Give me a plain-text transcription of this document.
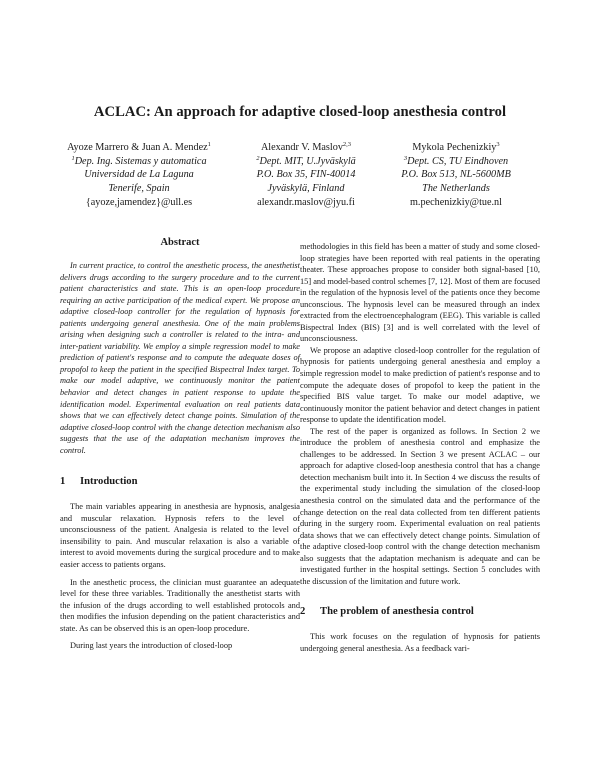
ACLAC: An approach for adaptive closed-loop anesthesia control
Ayoze Marrero & Juan A. Mendez$^1$
$^1$Dep. Ing. Sistemas y automatica
Universidad de La Laguna
Tenerife, Spain
{ayoze,jamendez}@ull.es
Alexandr V. Maslov$^{2,3}$
$^2$Dept. MIT, U.Jyväskylä
P.O. Box 35, FIN-40014
Jyväskylä, Finland
alexandr.maslov@jyu.fi
Mykola Pechenizkiy$^3$
$^3$Dept. CS, TU Eindhoven
P.O. Box 513, NL-5600MB
The Netherlands
m.pechenizkiy@tue.nl
Abstract

In current practice, to control the anesthetic process, the anesthetist delivers drugs according to the surgery procedure and to the current patient characteristics and state. This is an open-loop procedure requiring an active participation of the medical expert. We propose an adaptive closed-loop controller for the regulation of hypnosis for patients undergoing general anesthesia. One of the main problems arising when designing such a controller is related to the intra- and inter-patient variability. We employ a simple regression model to make prediction of patient's response and to compute the adequate doses of propofol to keep the patient in the specified Bispectral Index target. To make our model adaptive, we continuously monitor the patient behavior and detect changes in patient response to update the identification model. Experimental evaluation on real patients data shows that we can effectively detect change points. Simulation of the adaptive closed-loop control with the change detection mechanism also suggests that the use of the adaptation mechanism improves the control.

1 Introduction

The main variables appearing in anesthesia are hypnosis, analgesia and muscular relaxation. Hypnosis refers to the level of unconsciousness of the patient. Analgesia is related to the level of insensibility to pain. And muscular relaxation is also a variable of interest to avoid movements during the surgical procedure and to make easier access to patients organs.

In the anesthetic process, the clinician must guarantee an adequate level for these three variables. Traditionally the anesthetist starts with the infusion of the drugs according to well established protocols and then modifies the infusion depending on the patient characteristics and state. As can be observed this is an open-loop procedure.

During last years the introduction of closed-loop

methodologies in this field has been a matter of study and some closed-loop strategies have been reported with real patients in the operating theater. These approaches propose to consider both signal-based [10, 15] and model-based control schemes [7, 12]. Most of them are focused in the regulation of the hypnosis level of the patients once they become unconscious. The hypnosis level can be measured through an index extracted from the electroencephalogram (EEG). This variable is called Bispectral Index (BIS) [3] and is well correlated with the level of unconsciousness.

We propose an adaptive closed-loop controller for the regulation of hypnosis for patients undergoing general anesthesia and employ a simple regression model to make prediction of patient's response and to compute the adequate doses of propofol to keep the patient in the specified BIS value target. To make our model adaptive, we continuously monitor the patient behavior and detect changes in patient response to update the identification model.

The rest of the paper is organized as follows. In Section 2 we introduce the problem of anesthesia control and emphasize the challenges to be addressed. In Section 3 we present ACLAC – our approach for adaptive closed-loop anesthesia control that has a change detection mechanism built into it. In Section 4 we discuss the results of the experimental study including the simulation of the closed-loop anesthesia control on the simulated data and the performance of the change detection on the real data collected from ten different patients during in the surgery room. Experimental evaluation on real patients data shows that we can effectively detect change points. Simulation of the adaptive closed-loop control with the change detection mechanism also suggests that the adaptation mechanism is adequate and can be investigated further in the hospital settings. Section 5 concludes with the discussion of the limitation and future work.

2 The problem of anesthesia control

This work focuses on the regulation of hypnosis for patients undergoing general anesthesia. As a feedback vari-
